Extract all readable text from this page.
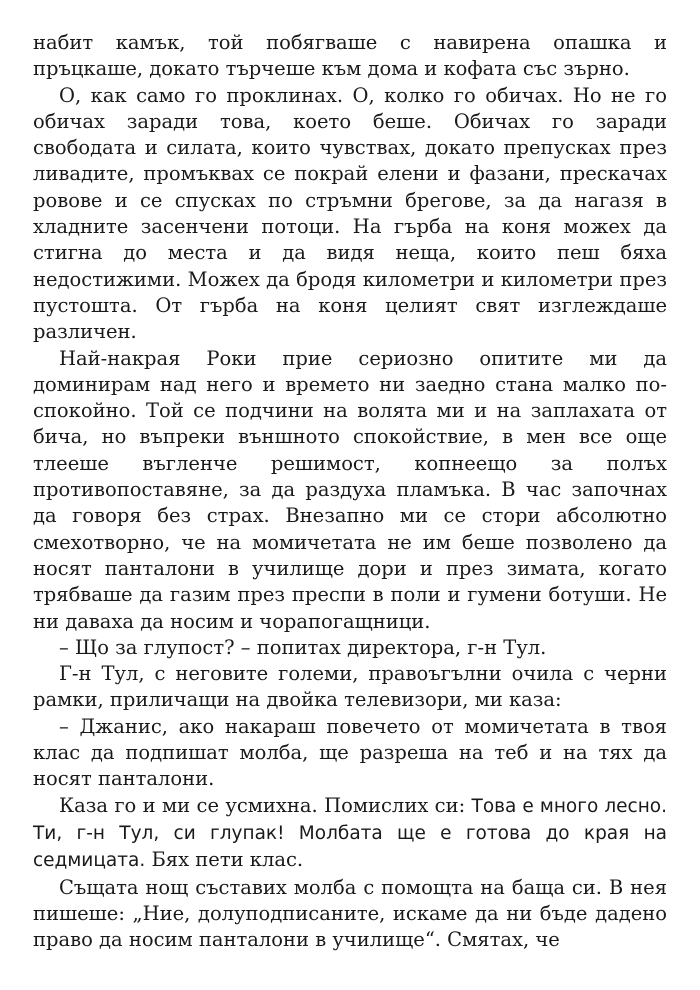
набит камък, той побягваше с навирена опашка и пръцкаше, докато търчеше към дома и кофата със зърно.

О, как само го проклинах. О, колко го обичах. Но не го обичах заради това, което беше. Обичах го заради свободата и силата, които чувствах, докато препусках през ливадите, промъквах се покрай елени и фазани, прескачах ровове и се спусках по стръмни брегове, за да нагазя в хладните засенчени потоци. На гърба на коня можех да стигна до места и да видя неща, които пеш бяха недостижими. Можех да бродя километри и километри през пустошта. От гърба на коня целият свят изглеждаше различен.

Най-накрая Роки прие сериозно опитите ми да доминирам над него и времето ни заедно стана малко по-спокойно. Той се подчини на волята ми и на заплахата от бича, но въпреки външното спокойствие, в мен все още тлееше въгленче решимост, копнеещо за полъх противопоставяне, за да раздуха пламъка. В час започнах да говоря без страх. Внезапно ми се стори абсолютно смехотворно, че на момичетата не им беше позволено да носят панталони в училище дори и през зимата, когато трябваше да газим през преспи в поли и гумени ботуши. Не ни даваха да носим и чорапогащници.

– Що за глупост? – попитах директора, г-н Тул.

Г-н Тул, с неговите големи, правоъгълни очила с черни рамки, приличащи на двойка телевизори, ми каза:

– Джанис, ако накараш повечето от момичетата в твоя клас да подпишат молба, ще разреша на теб и на тях да носят панталони.

Каза го и ми се усмихна. Помислих си: Това е много лесно. Ти, г-н Тул, си глупак! Молбата ще е готова до края на седмицата. Бях пети клас.

Същата нощ съставих молба с помощта на баща си. В нея пишеше: „Ние, долуподписаните, искаме да ни бъде дадено право да носим панталони в училище“. Смятах, че
